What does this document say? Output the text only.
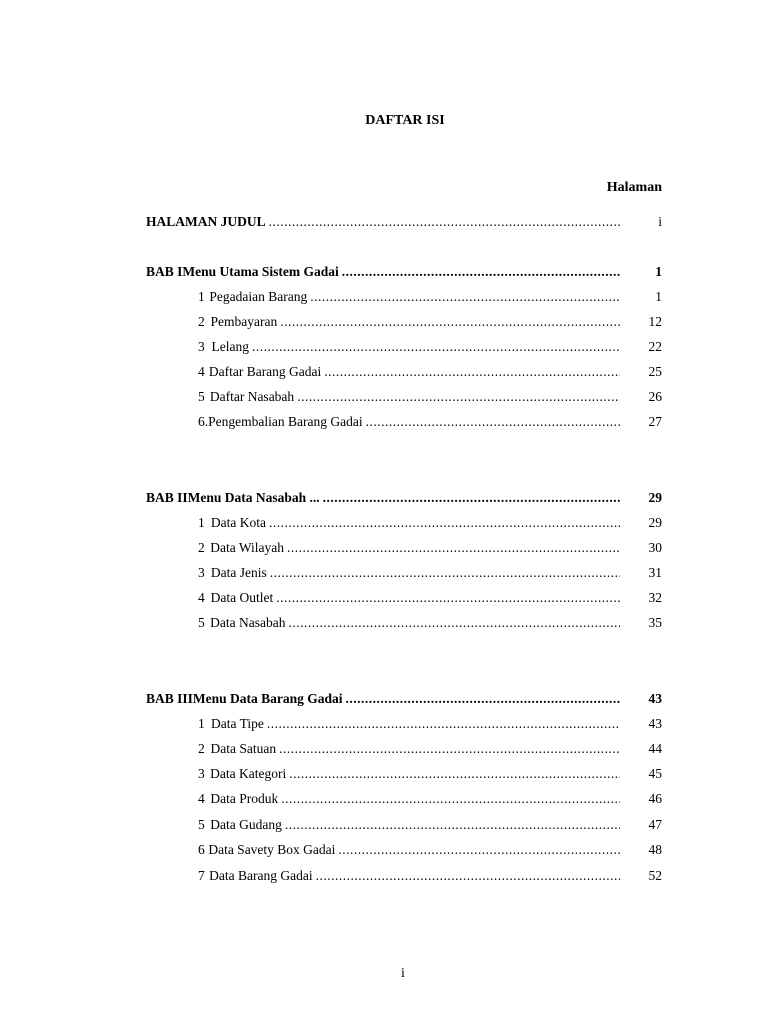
DAFTAR ISI
Halaman
HALAMAN JUDUL .....	i
BAB I Menu Utama Sistem Gadai .....	1
1 Pegadaian Barang .....	1
2 Pembayaran .....	12
3 Lelang .....	22
4 Daftar Barang Gadai .....	25
5 Daftar Nasabah .....	26
6. Pengembalian Barang Gadai .....	27
BAB II Menu Data Nasabah ... .....	29
1 Data Kota .....	29
2 Data Wilayah .....	30
3 Data Jenis .....	31
4 Data Outlet .....	32
5 Data Nasabah .....	35
BAB III Menu Data Barang Gadai .....	43
1 Data Tipe .....	43
2 Data Satuan .....	44
3 Data Kategori .....	45
4 Data Produk .....	46
5 Data Gudang .....	47
6 Data Savety Box Gadai .....	48
7 Data Barang Gadai .....	52
i
